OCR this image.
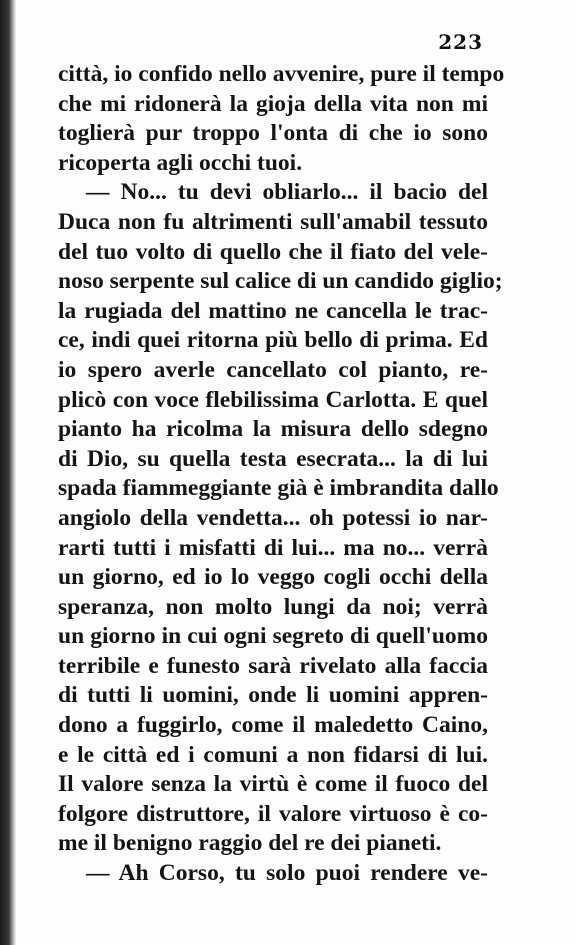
223
città, io confido nello avvenire, pure il tempo
che mi ridonerà la gioja della vita non mi
toglierà pur troppo l'onta di che io sono
ricoperta agli occhi tuoi.
— No... tu devi obliarlo... il bacio del
Duca non fu altrimenti sull'amabil tessuto
del tuo volto di quello che il fiato del vele-
noso serpente sul calice di un candido giglio;
la rugiada del mattino ne cancella le trac-
ce, indi quei ritorna più bello di prima. Ed
io spero averle cancellato col pianto, re-
plicò con voce flebilissima Carlotta. E quel
pianto ha ricolma la misura dello sdegno
di Dio, su quella testa esecrata... la di lui
spada fiammeggiante già è imbrandita dallo
angiolo della vendetta... oh potessi io nar-
rarti tutti i misfatti di lui... ma no... verrà
un giorno, ed io lo veggo cogli occhi della
speranza, non molto lungi da noi; verrà
un giorno in cui ogni segreto di quell'uomo
terribile e funesto sarà rivelato alla faccia
di tutti li uomini, onde li uomini appren-
dono a fuggirlo, come il maledetto Caino,
e le città ed i comuni a non fidarsi di lui.
Il valore senza la virtù è come il fuoco del
folgore distruttore, il valore virtuoso è co-
me il benigno raggio del re dei pianeti.
— Ah Corso, tu solo puoi rendere ve-
